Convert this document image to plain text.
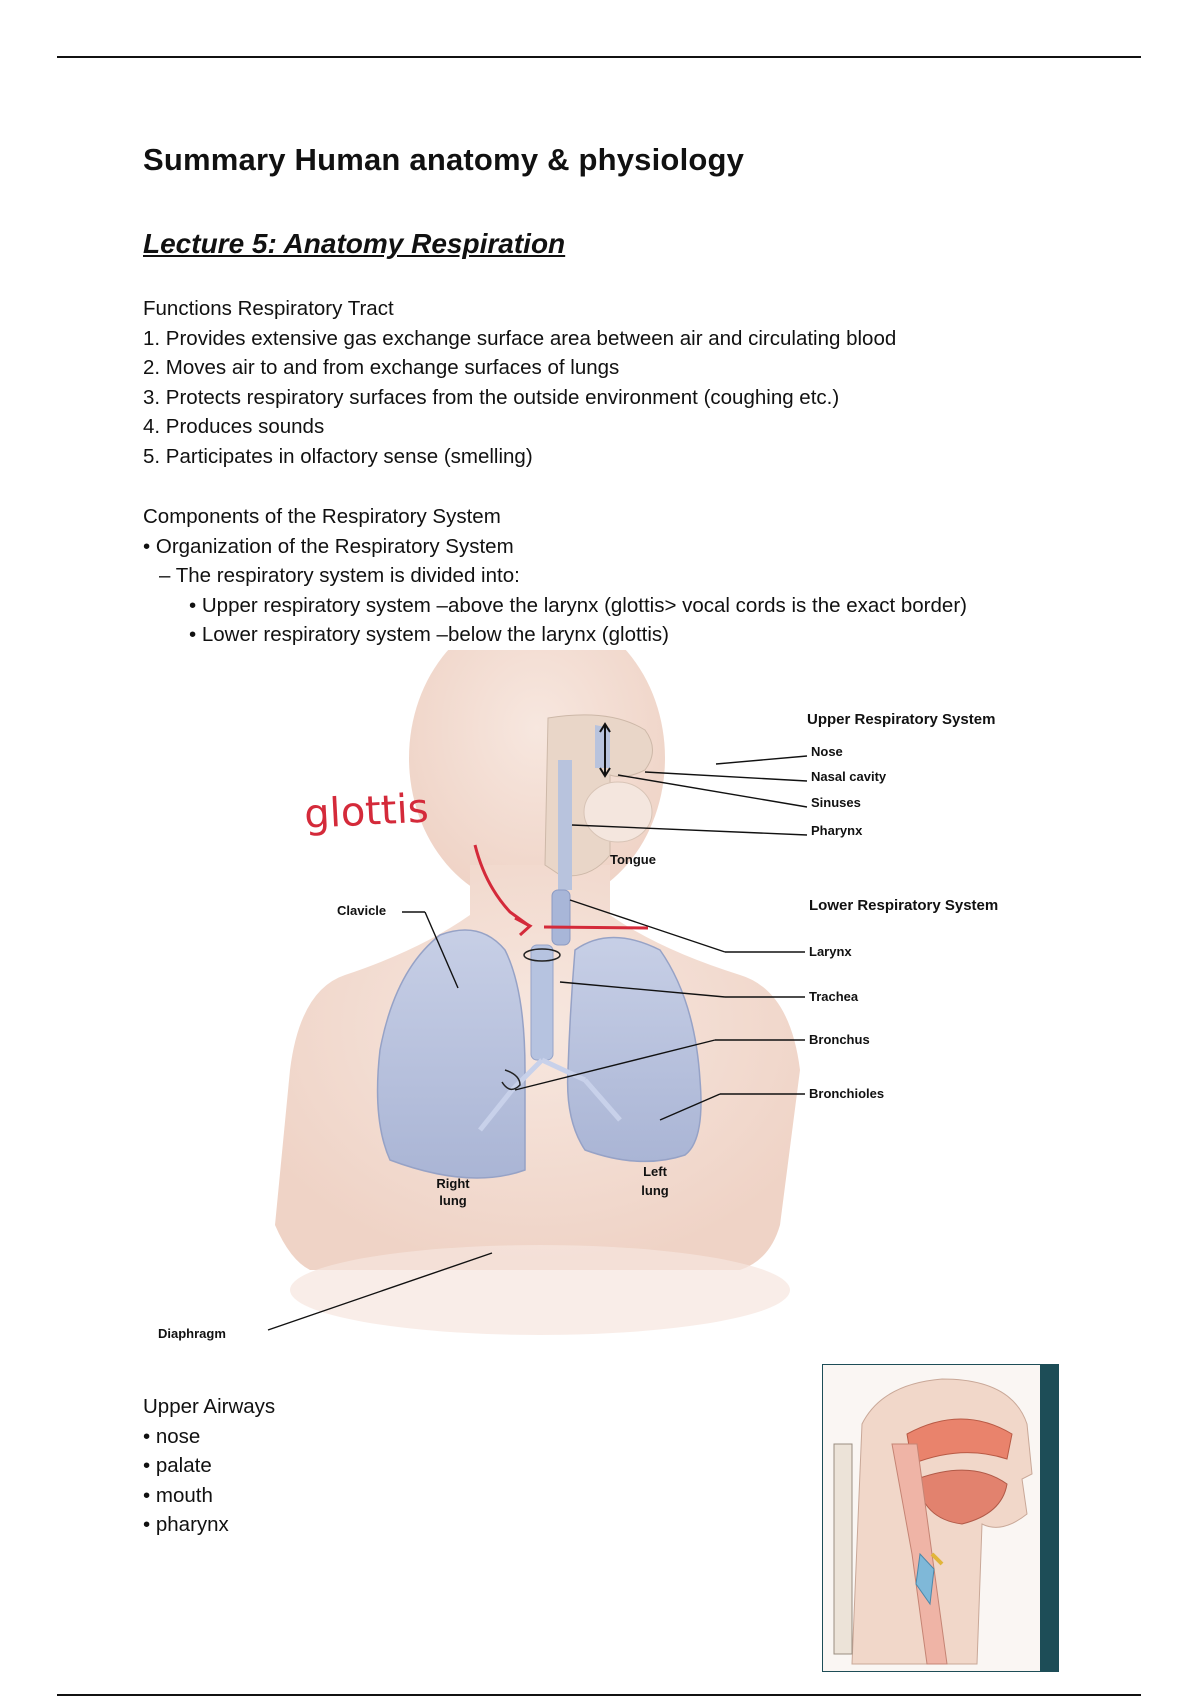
Summary Human anatomy & physiology
Lecture 5: Anatomy Respiration
Functions Respiratory Tract
1. Provides extensive gas exchange surface area between air and circulating blood
2. Moves air to and from exchange surfaces of lungs
3. Protects respiratory surfaces from the outside environment (coughing etc.)
4. Produces sounds
5. Participates in olfactory sense (smelling)
Components of the Respiratory System
• Organization of the Respiratory System
– The respiratory system is divided into:
• Upper respiratory system –above the larynx (glottis> vocal cords is the exact border)
• Lower respiratory system –below the larynx (glottis)
Upper Respiratory System
Nose
Nasal cavity
Sinuses
Pharynx
Lower Respiratory System
Larynx
Trachea
Bronchus
Bronchioles
Tongue
Clavicle
Right
lung
Left
lung
Diaphragm
glottis
Upper Airways
• nose
• palate
• mouth
• pharynx
